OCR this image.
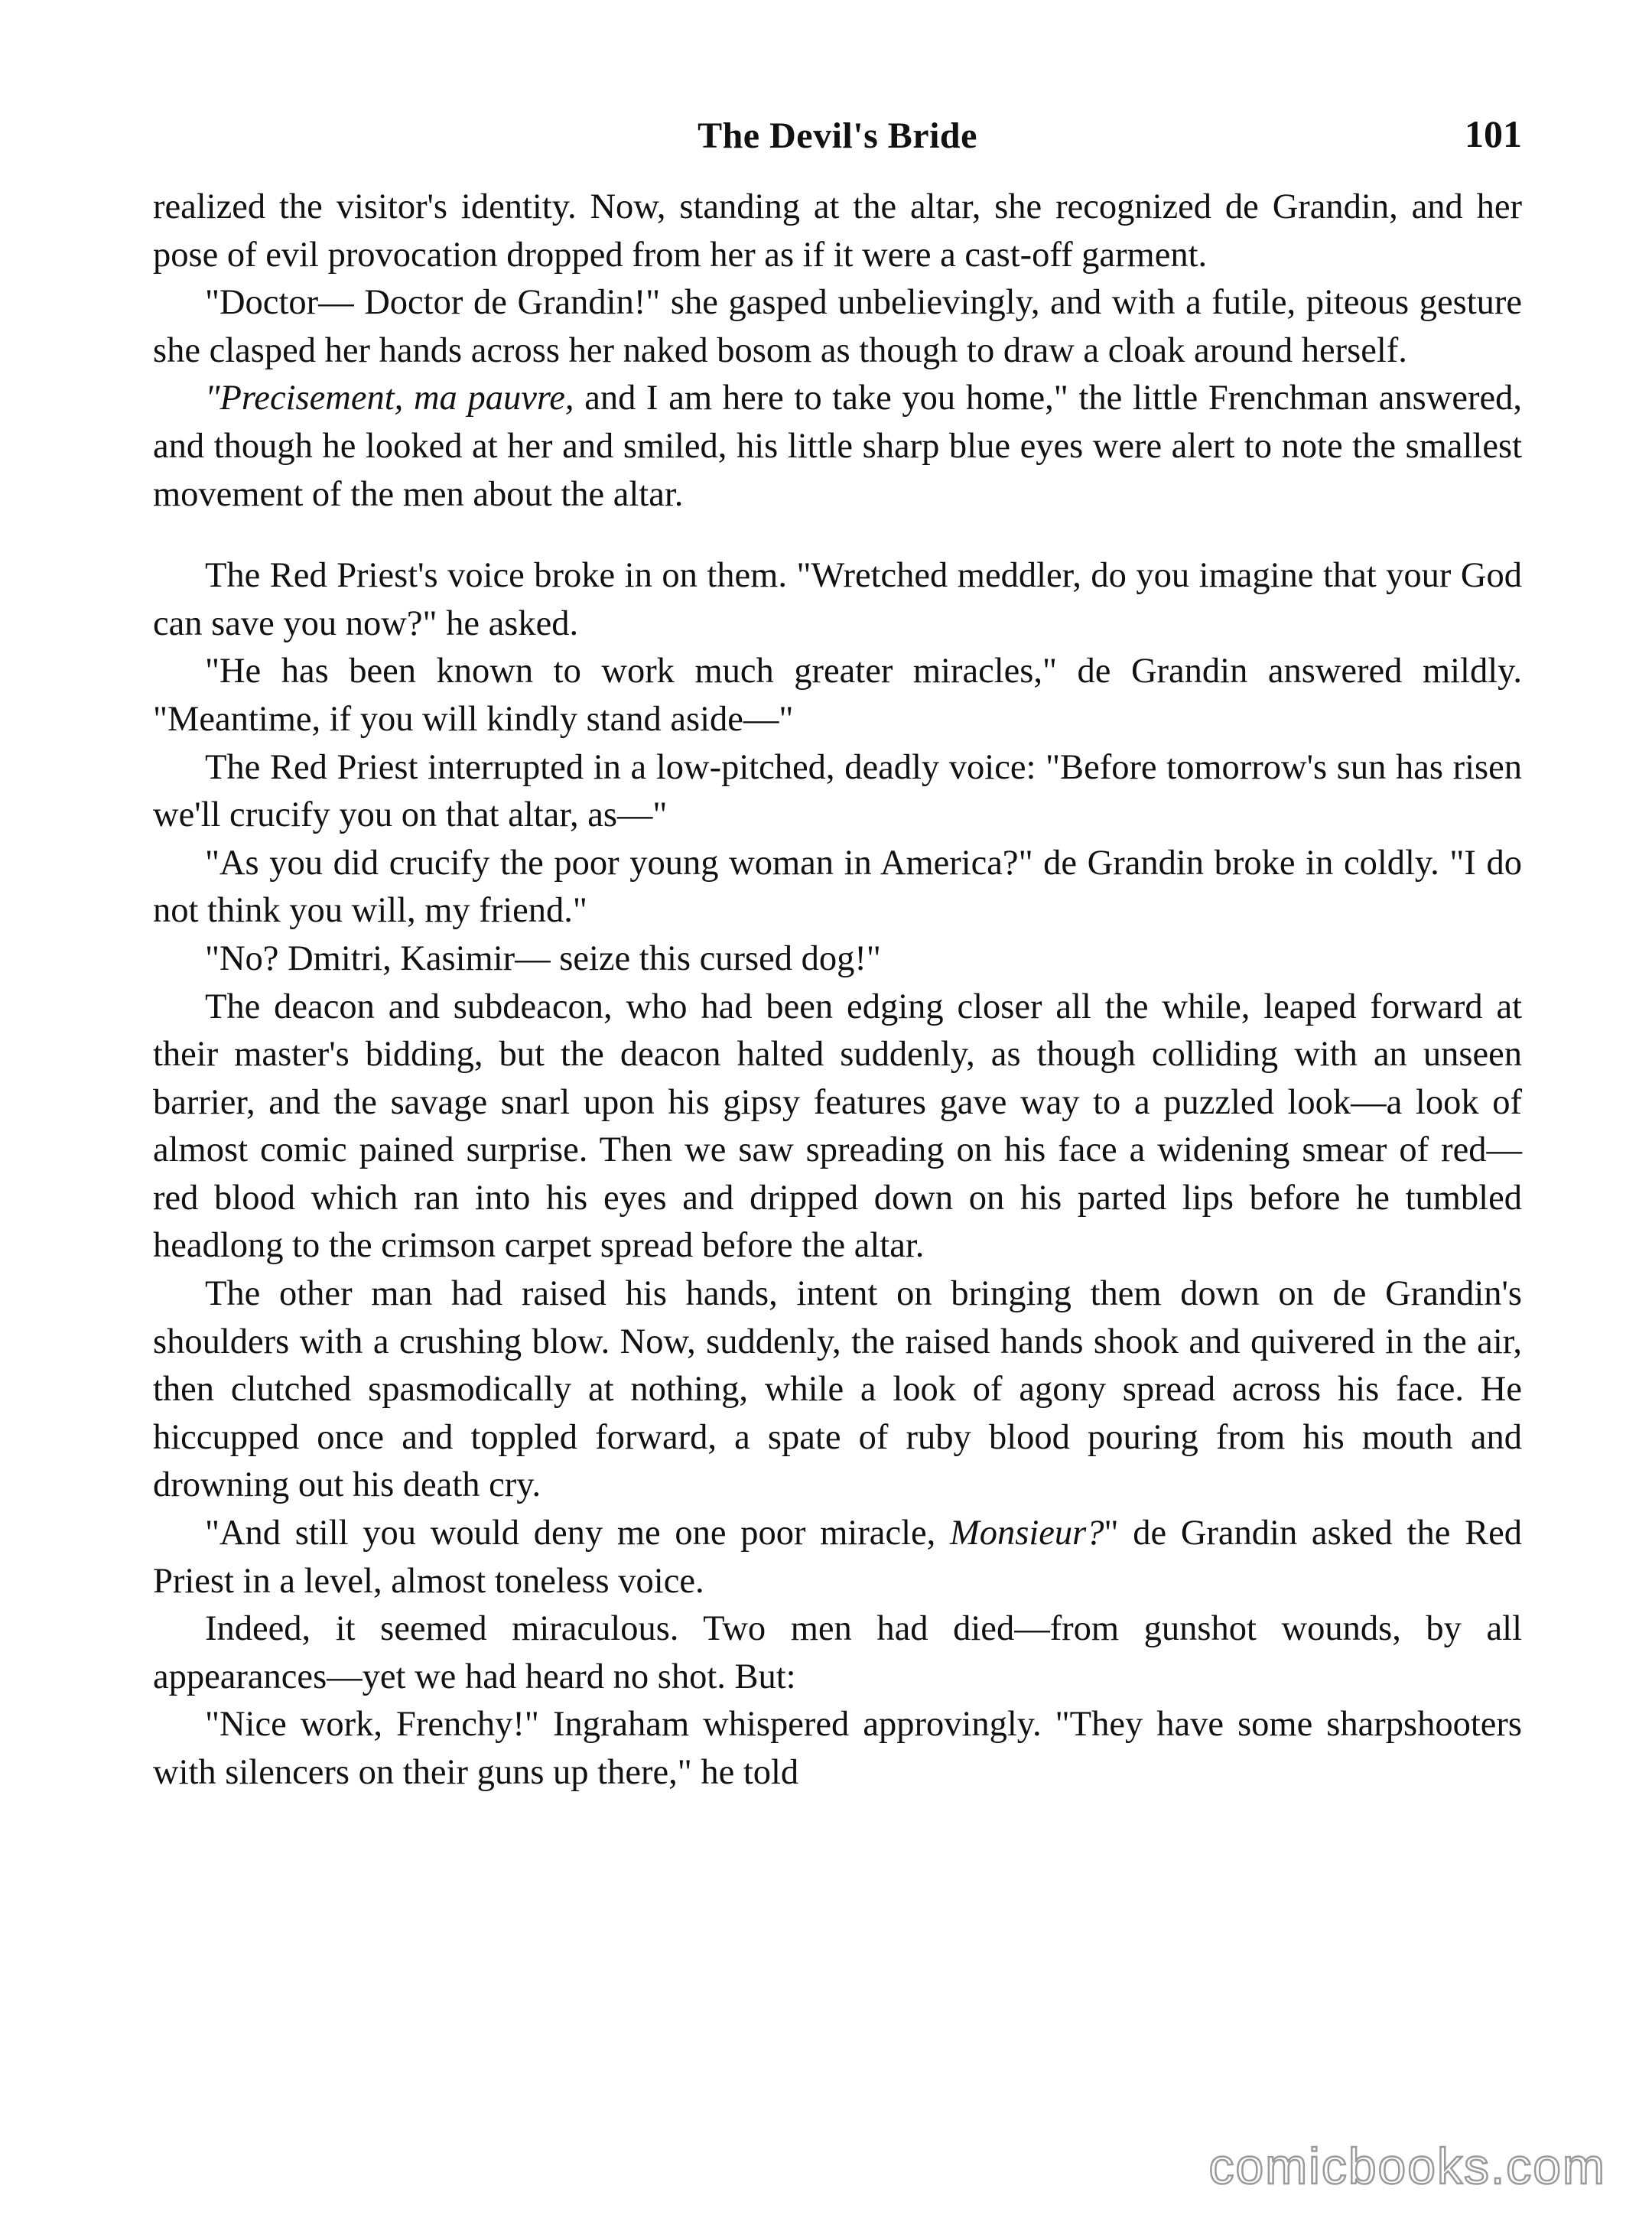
The Devil's Bride	101

realized the visitor's identity. Now, standing at the altar, she recognized de Grandin, and her pose of evil provocation dropped from her as if it were a cast-off garment.

"Doctor— Doctor de Grandin!" she gasped unbelievingly, and with a futile, piteous gesture she clasped her hands across her naked bosom as though to draw a cloak around herself.

"Precisement, ma pauvre, and I am here to take you home," the little Frenchman answered, and though he looked at her and smiled, his little sharp blue eyes were alert to note the smallest movement of the men about the altar.

The Red Priest's voice broke in on them. "Wretched meddler, do you imagine that your God can save you now?" he asked.

"He has been known to work much greater miracles," de Grandin answered mildly. "Meantime, if you will kindly stand aside—"

The Red Priest interrupted in a low-pitched, deadly voice: "Before tomorrow's sun has risen we'll crucify you on that altar, as—"

"As you did crucify the poor young woman in America?" de Grandin broke in coldly. "I do not think you will, my friend."

"No? Dmitri, Kasimir— seize this cursed dog!"

The deacon and subdeacon, who had been edging closer all the while, leaped forward at their master's bidding, but the deacon halted suddenly, as though colliding with an unseen barrier, and the savage snarl upon his gipsy features gave way to a puzzled look—a look of almost comic pained surprise. Then we saw spreading on his face a widening smear of red— red blood which ran into his eyes and dripped down on his parted lips before he tumbled headlong to the crimson carpet spread before the altar.

The other man had raised his hands, intent on bringing them down on de Grandin's shoulders with a crushing blow. Now, suddenly, the raised hands shook and quivered in the air, then clutched spasmodically at nothing, while a look of agony spread across his face. He hiccupped once and toppled forward, a spate of ruby blood pouring from his mouth and drowning out his death cry.

"And still you would deny me one poor miracle, Monsieur?" de Grandin asked the Red Priest in a level, almost toneless voice.

Indeed, it seemed miraculous. Two men had died—from gunshot wounds, by all appearances—yet we had heard no shot. But:

"Nice work, Frenchy!" Ingraham whispered approvingly. "They have some sharpshooters with silencers on their guns up there," he told

comicbooks.com
